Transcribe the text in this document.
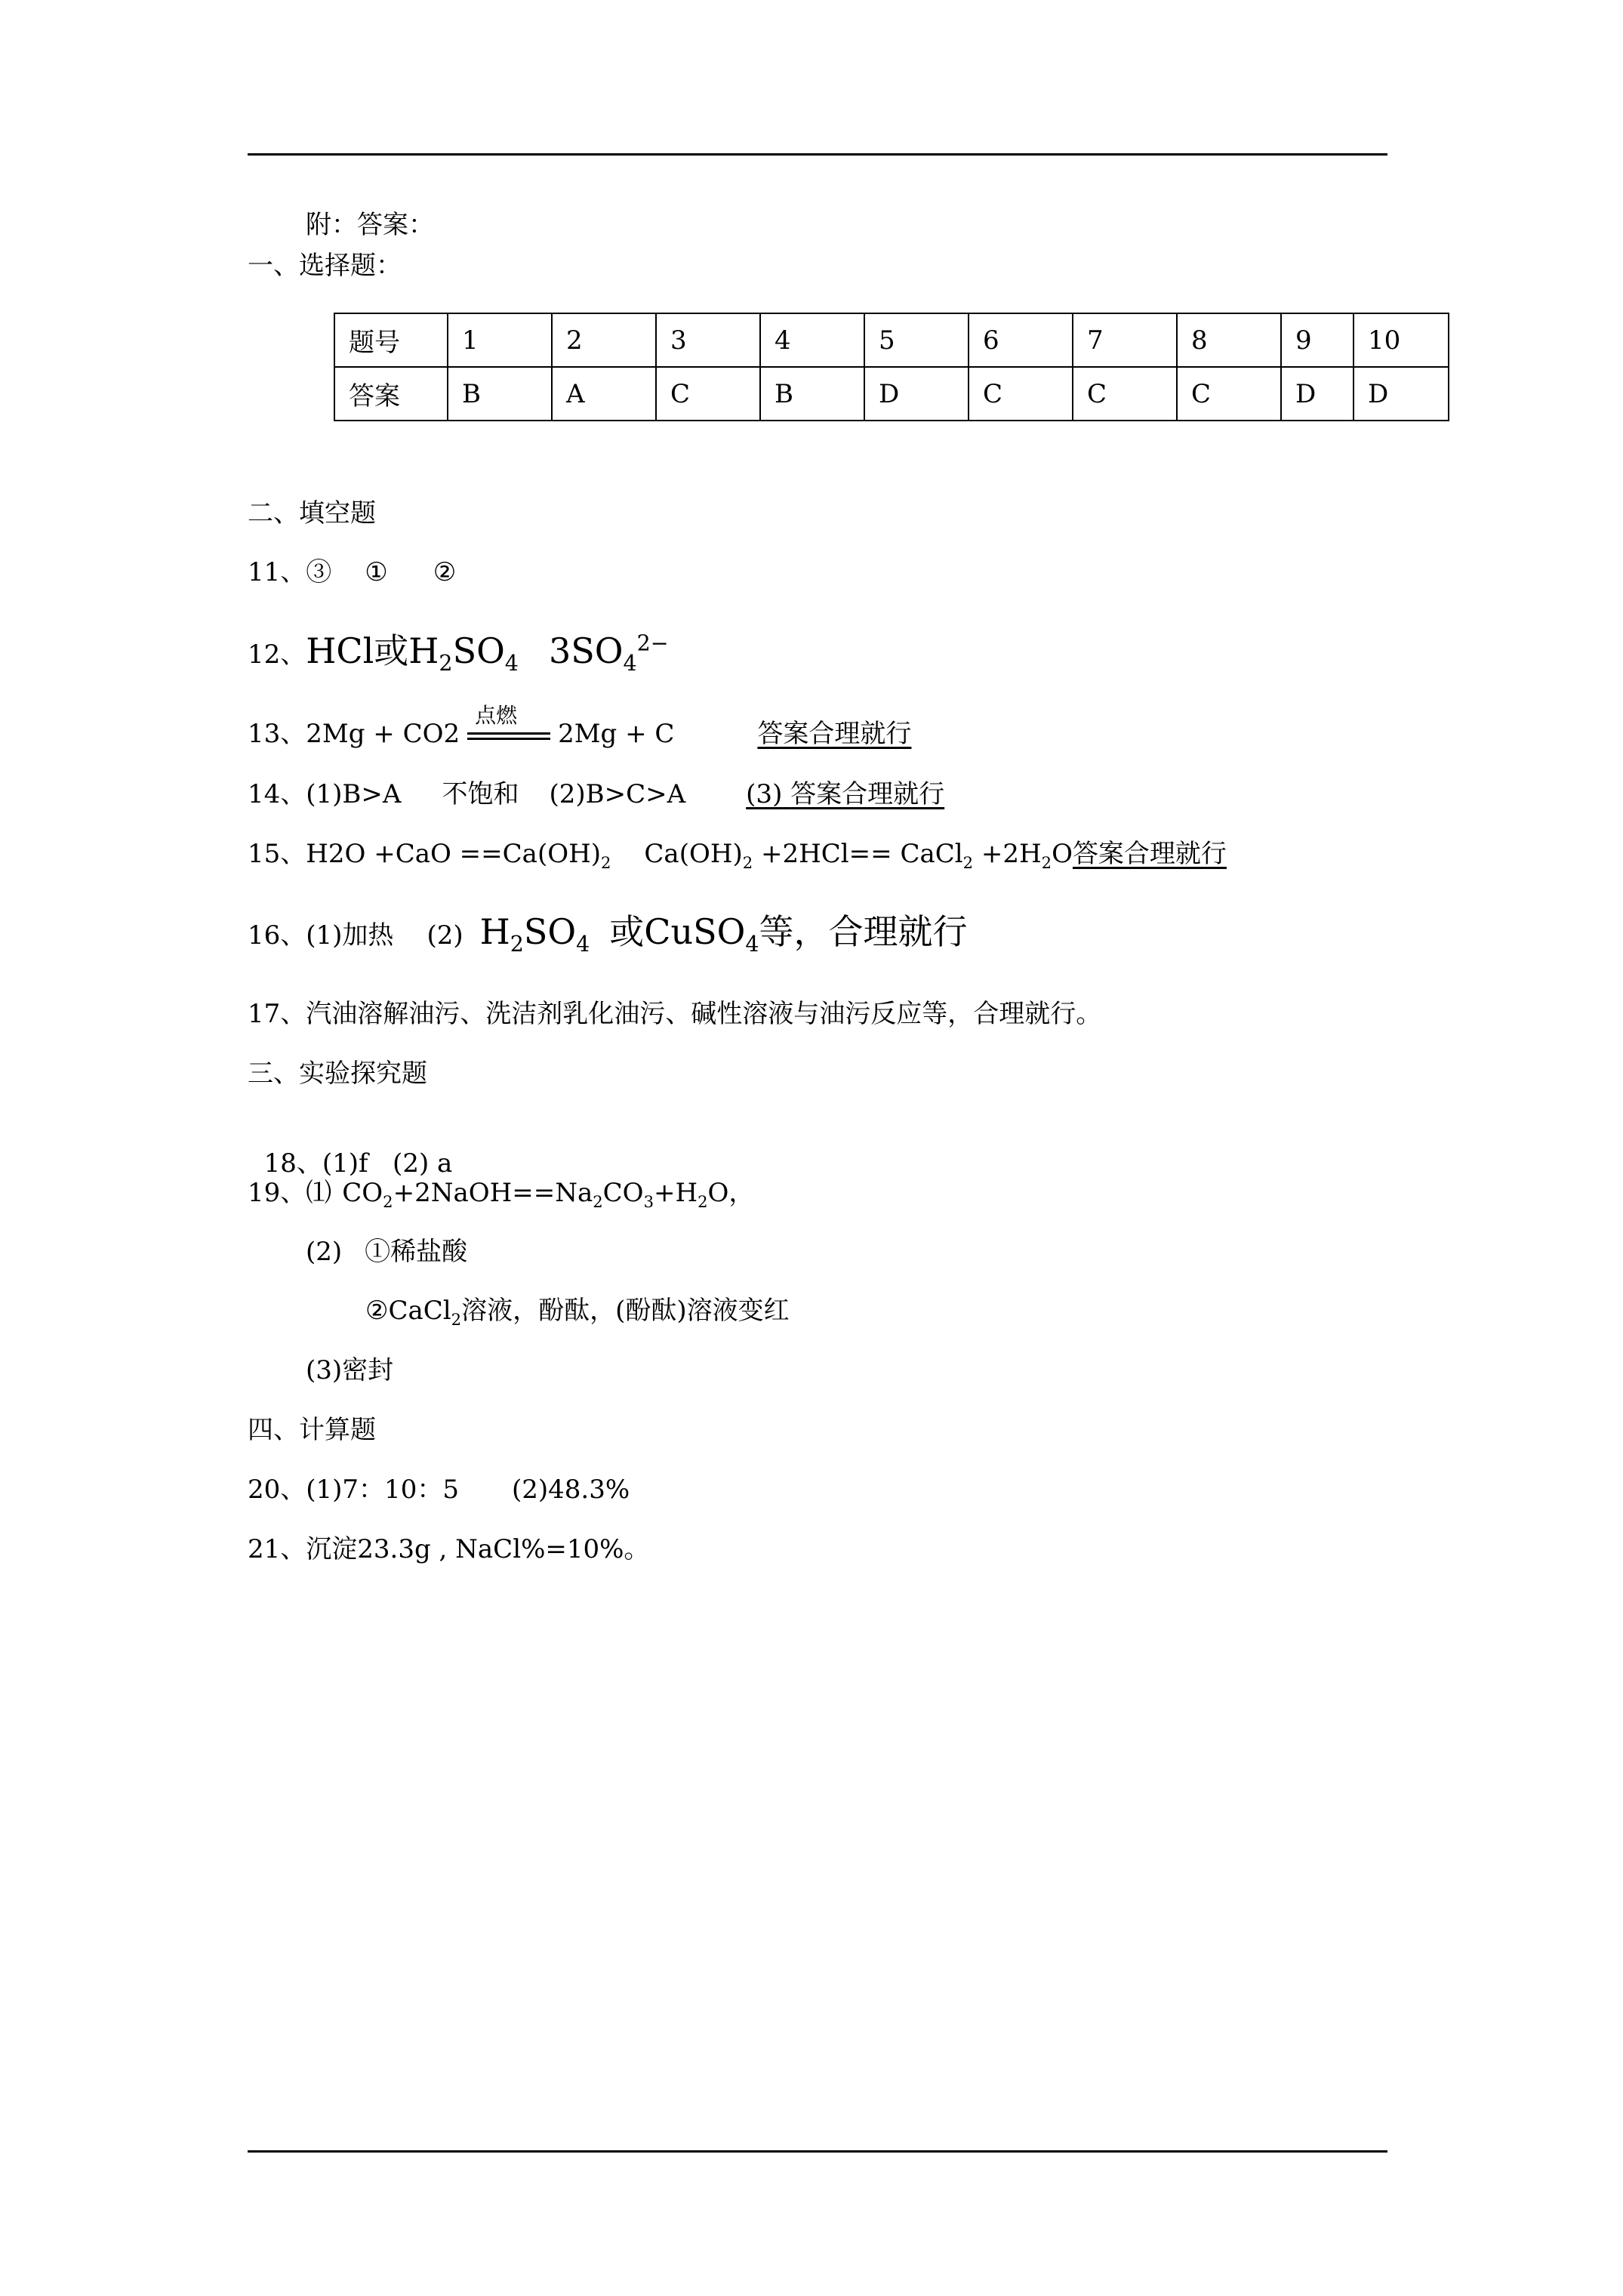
附：答案：
一、选择题：
题号	1	2	3	4	5	6	7	8	9	10
答案	B	A	C	B	D	C	C	C	D	D
二、填空题
11、③ ① ②
12、HCl或$H_2SO_4$ $3SO_4^{2-}$
13、2Mg + CO2
点燃
2Mg + C	答案合理就行
14、(1)B>A 不饱和 (2)B>C>A (3) 答案合理就行
15、$H2O +CaO ==Ca(OH)_2$ $Ca(OH)_2 +2HCl==$ CaCl$_2$ $+2H_2O$答案合理就行
16、(1)加热 (2) $H_2SO_4$ 或CuSO$_4$等，合理就行
17、汽油溶解油污、洗洁剂乳化油污、碱性溶液与油污反应等，合理就行。
三、实验探究题

18、(1)f   (2) a

19、⑴ $CO_2+2NaOH==Na_2CO_3+H_2O$，
(2) ①稀盐酸
②CaCl$_2$溶液，酚酞，(酚酞)溶液变红
(3)密封
四、计算题
20、(1)7：10：5 (2)48.3%
21、沉淀23.3g , NaCl%=10%。
